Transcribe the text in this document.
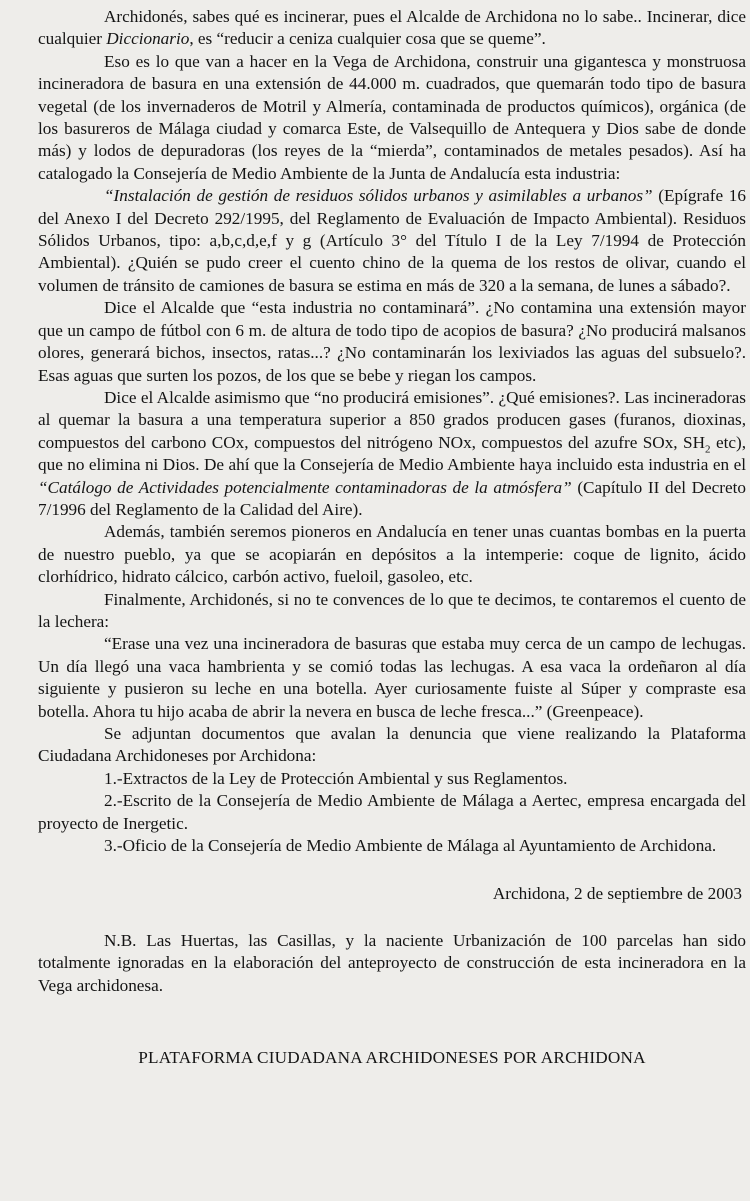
Archidonés, sabes qué es incinerar, pues el Alcalde de Archidona no lo sabe.. Incinerar, dice cualquier Diccionario, es “reducir a ceniza cualquier cosa que se queme”.

Eso es lo que van a hacer en la Vega de Archidona, construir una gigantesca y monstruosa incineradora de basura en una extensión de 44.000 m. cuadrados, que quemarán todo tipo de basura vegetal (de los invernaderos de Motril y Almería, contaminada de productos químicos), orgánica (de los basureros de Málaga ciudad y comarca Este, de Valsequillo de Antequera y Dios sabe de donde más) y lodos de depuradoras (los reyes de la “mierda”, contaminados de metales pesados). Así ha catalogado la Consejería de Medio Ambiente de la Junta de Andalucía esta industria:

“Instalación de gestión de residuos sólidos urbanos y asimilables a urbanos” (Epígrafe 16 del Anexo I del Decreto 292/1995, del Reglamento de Evaluación de Impacto Ambiental). Residuos Sólidos Urbanos, tipo: a,b,c,d,e,f y g (Artículo 3° del Título I de la Ley 7/1994 de Protección Ambiental). ¿Quién se pudo creer el cuento chino de la quema de los restos de olivar, cuando el volumen de tránsito de camiones de basura se estima en más de 320 a la semana, de lunes a sábado?.

Dice el Alcalde que “esta industria no contaminará”. ¿No contamina una extensión mayor que un campo de fútbol con 6 m. de altura de todo tipo de acopios de basura? ¿No producirá malsanos olores, generará bichos, insectos, ratas...? ¿No contaminarán los lexiviados las aguas del subsuelo?. Esas aguas que surten los pozos, de los que se bebe y riegan los campos.

Dice el Alcalde asimismo que “no producirá emisiones”. ¿Qué emisiones?. Las incineradoras al quemar la basura a una temperatura superior a 850 grados producen gases (furanos, dioxinas, compuestos del carbono COx, compuestos del nitrógeno NOx, compuestos del azufre SOx, $SH_2$ etc), que no elimina ni Dios. De ahí que la Consejería de Medio Ambiente haya incluido esta industria en el “Catálogo de Actividades potencialmente contaminadoras de la atmósfera” (Capítulo II del Decreto 7/1996 del Reglamento de la Calidad del Aire).

Además, también seremos pioneros en Andalucía en tener unas cuantas bombas en la puerta de nuestro pueblo, ya que se acopiarán en depósitos a la intemperie: coque de lignito, ácido clorhídrico, hidrato cálcico, carbón activo, fueloil, gasoleo, etc.

Finalmente, Archidonés, si no te convences de lo que te decimos, te contaremos el cuento de la lechera:

“Erase una vez una incineradora de basuras que estaba muy cerca de un campo de lechugas. Un día llegó una vaca hambrienta y se comió todas las lechugas. A esa vaca la ordeñaron al día siguiente y pusieron su leche en una botella. Ayer curiosamente fuiste al Súper y compraste esa botella. Ahora tu hijo acaba de abrir la nevera en busca de leche fresca...” (Greenpeace).

Se adjuntan documentos que avalan la denuncia que viene realizando la Plataforma Ciudadana Archidoneses por Archidona:

1.-Extractos de la Ley de Protección Ambiental y sus Reglamentos.

2.-Escrito de la Consejería de Medio Ambiente de Málaga a Aertec, empresa encargada del proyecto de Inergetic.

3.-Oficio de la Consejería de Medio Ambiente de Málaga al Ayuntamiento de Archidona.

Archidona, 2 de septiembre de 2003

N.B. Las Huertas, las Casillas, y la naciente Urbanización de 100 parcelas han sido totalmente ignoradas en la elaboración del anteproyecto de construcción de esta incineradora en la Vega archidonesa.

PLATAFORMA CIUDADANA ARCHIDONESES POR ARCHIDONA
